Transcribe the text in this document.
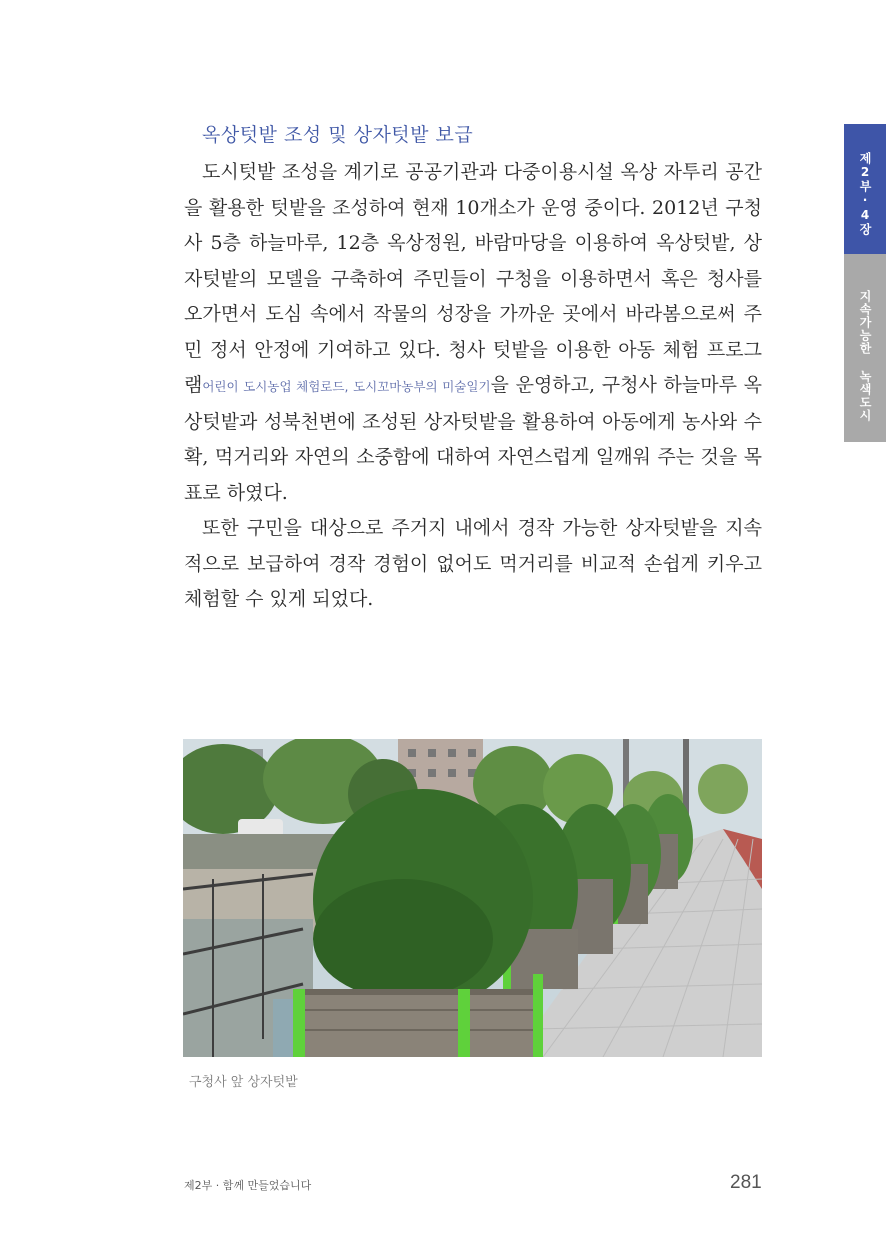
제2부·4장
지속가능한 녹색도시
옥상텃밭 조성 및 상자텃밭 보급

도시텃밭 조성을 계기로 공공기관과 다중이용시설 옥상 자투리 공간을 활용한 텃밭을 조성하여 현재 10개소가 운영 중이다. 2012년 구청사 5층 하늘마루, 12층 옥상정원, 바람마당을 이용하여 옥상텃밭, 상자텃밭의 모델을 구축하여 주민들이 구청을 이용하면서 혹은 청사를 오가면서 도심 속에서 작물의 성장을 가까운 곳에서 바라봄으로써 주민 정서 안정에 기여하고 있다. 청사 텃밭을 이용한 아동 체험 프로그램어린이 도시농업 체험로드, 도시꼬마농부의 미술일기을 운영하고, 구청사 하늘마루 옥상텃밭과 성북천변에 조성된 상자텃밭을 활용하여 아동에게 농사와 수확, 먹거리와 자연의 소중함에 대하여 자연스럽게 일깨워 주는 것을 목표로 하였다.

또한 구민을 대상으로 주거지 내에서 경작 가능한 상자텃밭을 지속적으로 보급하여 경작 경험이 없어도 먹거리를 비교적 손쉽게 키우고 체험할 수 있게 되었다.

구청사 앞 상자텃밭
제2부 · 함께 만들었습니다	281
